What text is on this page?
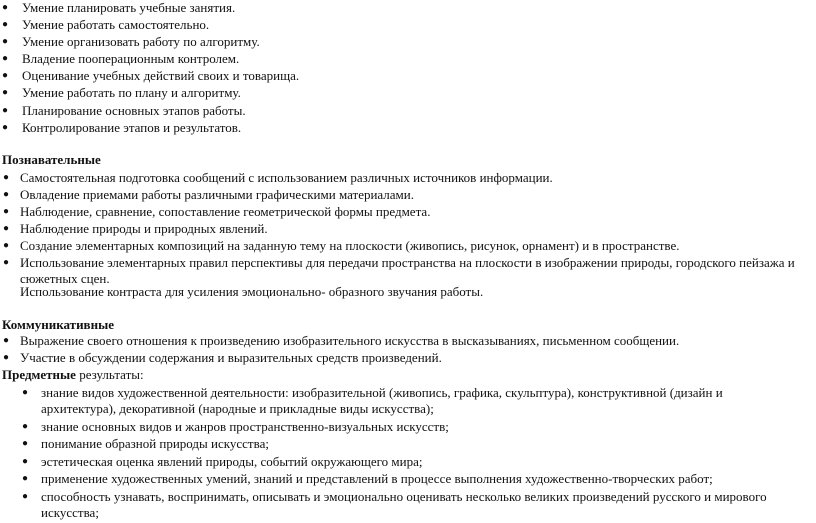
● Умение планировать учебные занятия.
● Умение работать самостоятельно.
● Умение организовать работу по алгоритму.
● Владение пооперационным контролем.
● Оценивание учебных действий своих и товарища.
● Умение работать по плану и алгоритму.
● Планирование основных этапов работы.
● Контролирование этапов и результатов.
Познавательные
● Самостоятельная подготовка сообщений с использованием различных источников информации.
● Овладение приемами работы различными графическими материалами.
● Наблюдение, сравнение, сопоставление геометрической формы предмета.
● Наблюдение природы и природных явлений.
● Создание элементарных композиций на заданную тему на плоскости (живопись, рисунок, орнамент) и в пространстве.
● Использование элементарных правил перспективы для передачи пространства на плоскости в изображении природы, городского пейзажа и сюжетных сцен.
Использование контраста для усиления эмоционально- образного звучания работы.
Коммуникативные
● Выражение своего отношения к произведению изобразительного искусства в высказываниях, письменном сообщении.
● Участие в обсуждении содержания и выразительных средств произведений.
Предметные результаты:
● знание видов художественной деятельности: изобразительной (живопись, графика, скульптура), конструктивной (дизайн и архитектура), декоративной (народные и прикладные виды искусства);
● знание основных видов и жанров пространственно-визуальных искусств;
● понимание образной природы искусства;
● эстетическая оценка явлений природы, событий окружающего мира;
● применение художественных умений, знаний и представлений в процессе выполнения художественно-творческих работ;
● способность узнавать, воспринимать, описывать и эмоционально оценивать несколько великих произведений русского и мирового искусства;
